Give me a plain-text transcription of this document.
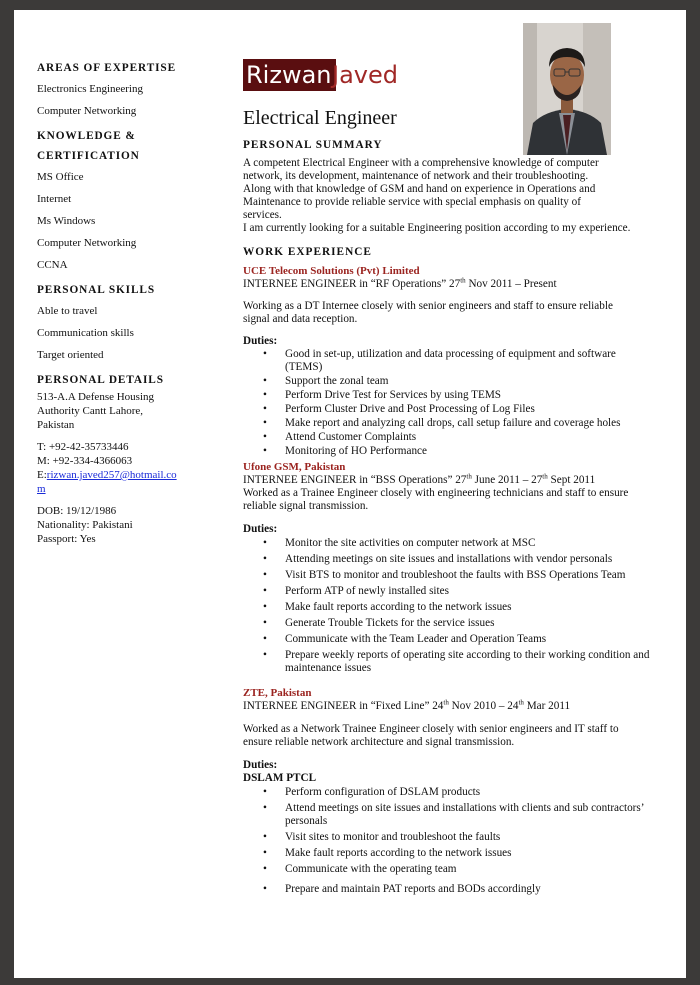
AREAS OF EXPERTISE
Electronics Engineering
Computer Networking
KNOWLEDGE &
CERTIFICATION
MS Office
Internet
Ms Windows
Computer Networking
CCNA
PERSONAL SKILLS
Able to travel
Communication skills
Target oriented
PERSONAL DETAILS
513-A.A Defense Housing
Authority Cantt Lahore,
Pakistan
T: +92-42-35733446
M: +92-334-4366063
E:rizwan.javed257@hotmail.co
m
DOB: 19/12/1986
Nationality: Pakistani
Passport: Yes
Rizwan Javed
Electrical Engineer
PERSONAL SUMMARY
A competent Electrical Engineer with a comprehensive knowledge of computer
network, its development, maintenance of network and their troubleshooting.
Along with that knowledge of GSM and hand on experience in Operations and
Maintenance to provide reliable service with special emphasis on quality of
services.
I am currently looking for a suitable Engineering position according to my experience.
WORK EXPERIENCE
UCE Telecom Solutions (Pvt) Limited
INTERNEE ENGINEER in “RF Operations” 27th Nov 2011 – Present
Working as a DT Internee closely with senior engineers and staff to ensure reliable
signal and data reception.
Duties:
• Good in set-up, utilization and data processing of equipment and software
(TEMS)
• Support the zonal team
• Perform Drive Test for Services by using TEMS
• Perform Cluster Drive and Post Processing of Log Files
• Make report and analyzing call drops, call setup failure and coverage holes
• Attend Customer Complaints
• Monitoring of HO Performance
Ufone GSM, Pakistan
INTERNEE ENGINEER in “BSS Operations” 27th June 2011 – 27th Sept 2011
Worked as a Trainee Engineer closely with engineering technicians and staff to ensure
reliable signal transmission.
Duties:
• Monitor the site activities on computer network at MSC
• Attending meetings on site issues and installations with vendor personals
• Visit BTS to monitor and troubleshoot the faults with BSS Operations Team
• Perform ATP of newly installed sites
• Make fault reports according to the network issues
• Generate Trouble Tickets for the service issues
• Communicate with the Team Leader and Operation Teams
• Prepare weekly reports of operating site according to their working condition and
maintenance issues
ZTE, Pakistan
INTERNEE ENGINEER in “Fixed Line” 24th Nov 2010 – 24th Mar 2011
Worked as a Network Trainee Engineer closely with senior engineers and IT staff to
ensure reliable network architecture and signal transmission.
Duties:
DSLAM PTCL
• Perform configuration of DSLAM products
• Attend meetings on site issues and installations with clients and sub contractors’
personals
• Visit sites to monitor and troubleshoot the faults
• Make fault reports according to the network issues
• Communicate with the operating team
• Prepare and maintain PAT reports and BODs accordingly
